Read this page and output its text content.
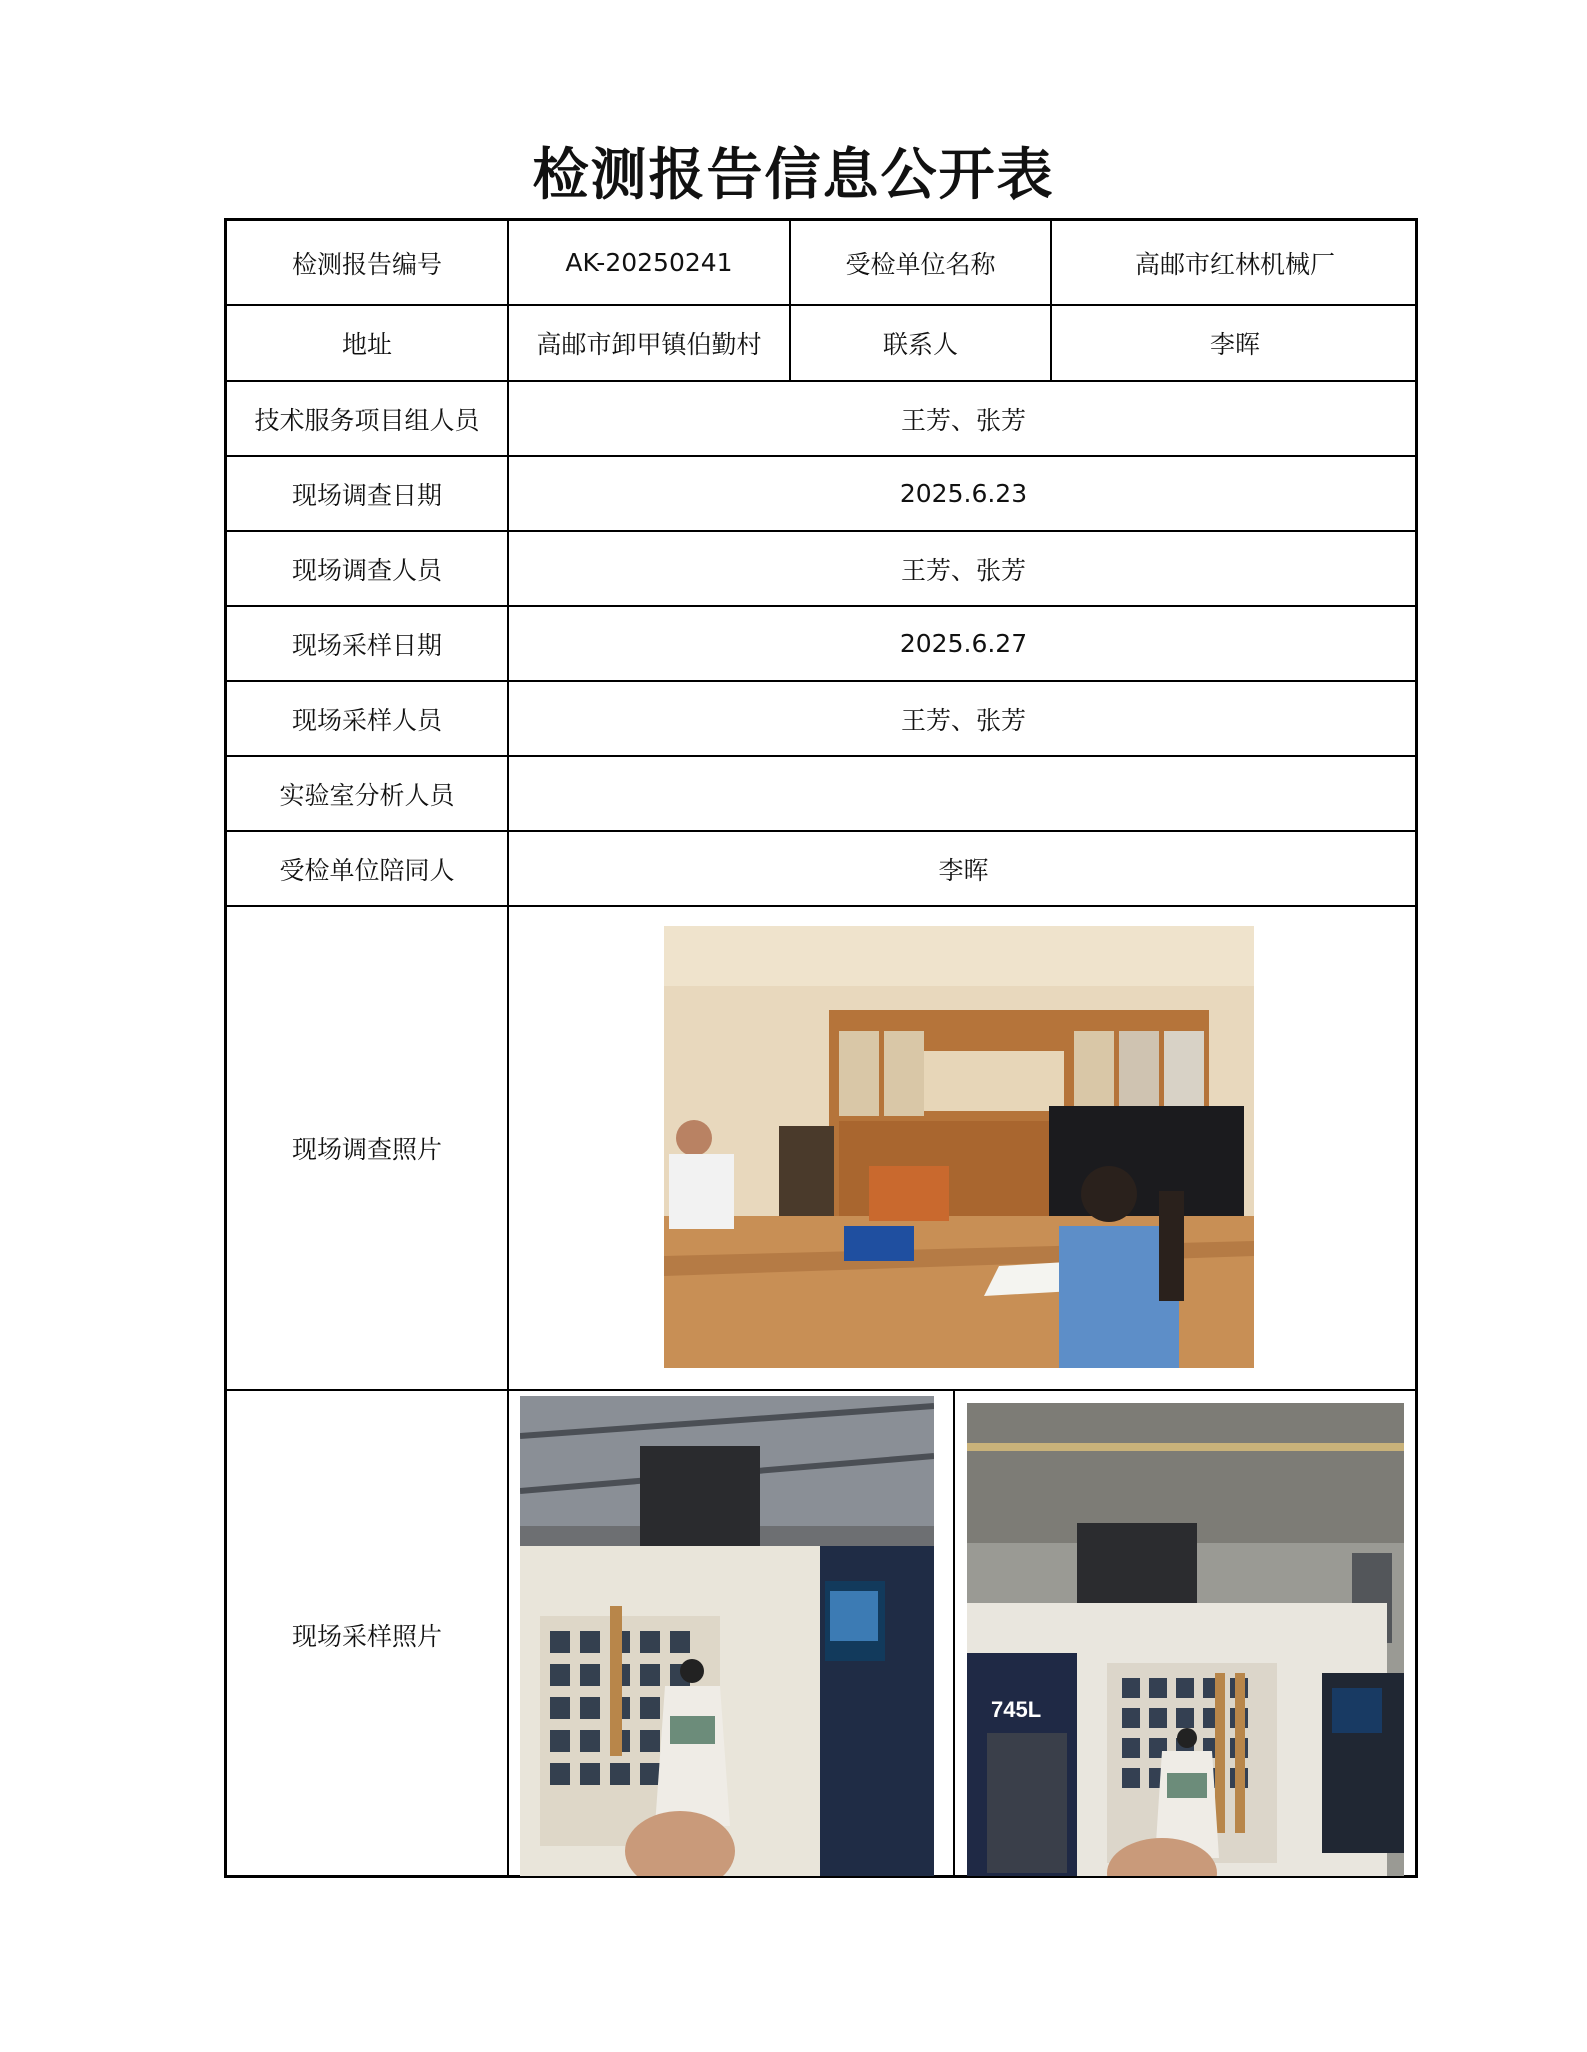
检测报告信息公开表
检测报告编号	AK-20250241	受检单位名称	高邮市红林机械厂
地址	高邮市卸甲镇伯勤村	联系人	李晖
技术服务项目组人员	王芳、张芳
现场调查日期	2025.6.23
现场调查人员	王芳、张芳
现场采样日期	2025.6.27
现场采样人员	王芳、张芳
实验室分析人员
受检单位陪同人	李晖
现场调查照片
现场采样照片
745L
